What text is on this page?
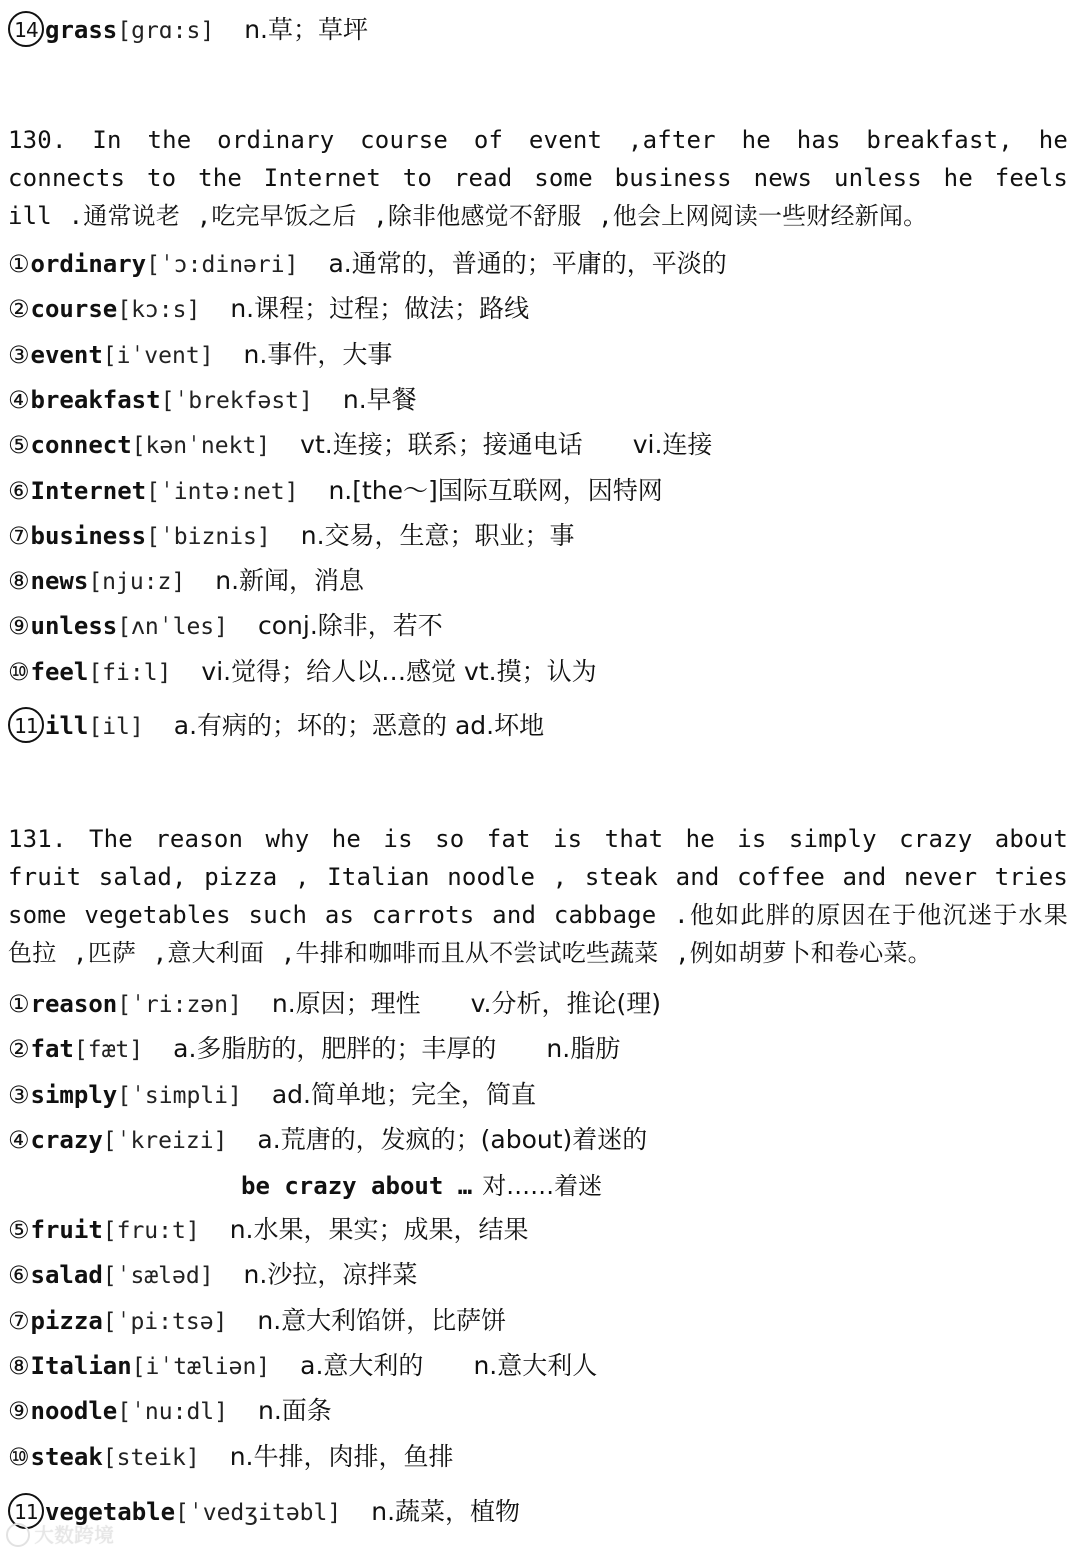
14 grass[grɑ:s] n.草；草坪
130. In the ordinary course of event ,after he has breakfast, he connects to the Internet to read some business news unless he feels ill .通常说老 ,吃完早饭之后 ,除非他感觉不舒服 ,他会上网阅读一些财经新闻。
①ordinary[ˈɔ:dinəri] a.通常的，普通的；平庸的，平淡的
②course[kɔ:s] n.课程；过程；做法；路线
③event[iˈvent] n.事件，大事
④breakfast[ˈbrekfəst] n.早餐
⑤connect[kənˈnekt] vt.连接；联系；接通电话 vi.连接
⑥Internet[ˈintə:net] n.[the～]国际互联网，因特网
⑦business[ˈbiznis] n.交易，生意；职业；事
⑧news[nju:z] n.新闻，消息
⑨unless[ʌnˈles] conj.除非，若不
⑩feel[fi:l] vi.觉得；给人以…感觉 vt.摸；认为
11 ill[il] a.有病的；坏的；恶意的 ad.坏地
131. The reason why he is so fat is that he is simply crazy about fruit salad, pizza , Italian noodle , steak and coffee and never tries some vegetables such as carrots and cabbage .他如此胖的原因在于他沉迷于水果色拉 ,匹萨 ,意大利面 ,牛排和咖啡而且从不尝试吃些蔬菜 ,例如胡萝卜和卷心菜。
①reason[ˈri:zən] n.原因；理性 v.分析，推论(理)
②fat[fæt] a.多脂肪的，肥胖的；丰厚的 n.脂肪
③simply[ˈsimpli] ad.简单地；完全，简直
④crazy[ˈkreizi] a.荒唐的，发疯的；(about)着迷的
be crazy about … 对……着迷
⑤fruit[fru:t] n.水果，果实；成果，结果
⑥salad[ˈsæləd] n.沙拉，凉拌菜
⑦pizza[ˈpi:tsə] n.意大利馅饼，比萨饼
⑧Italian[iˈtæliən] a.意大利的 n.意大利人
⑨noodle[ˈnu:dl] n.面条
⑩steak[steik] n.牛排，肉排，鱼排
11 vegetable[ˈvedʒitəbl] n.蔬菜，植物
大数跨境
